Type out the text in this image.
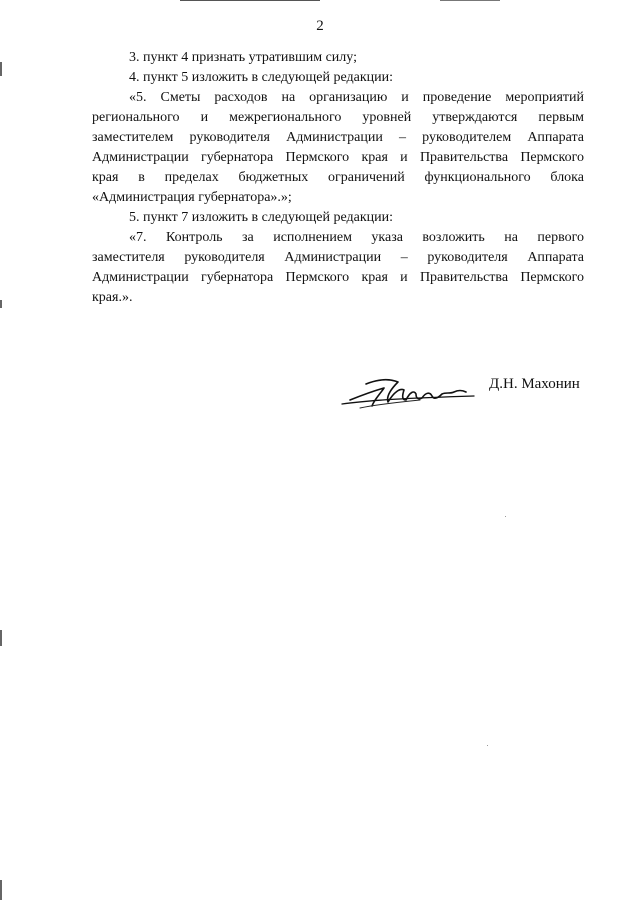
2

3. пункт 4 признать утратившим силу;

4. пункт 5 изложить в следующей редакции:

«5. Сметы расходов на организацию и проведение мероприятий
регионального и межрегионального уровней утверждаются первым
заместителем руководителя Администрации – руководителем Аппарата
Администрации губернатора Пермского края и Правительства Пермского
края в пределах бюджетных ограничений функционального блока
«Администрация губернатора».»;

5. пункт 7 изложить в следующей редакции:

«7. Контроль за исполнением указа возложить на первого
заместителя руководителя Администрации – руководителя Аппарата
Администрации губернатора Пермского края и Правительства Пермского
края.».
Д.Н. Махонин
